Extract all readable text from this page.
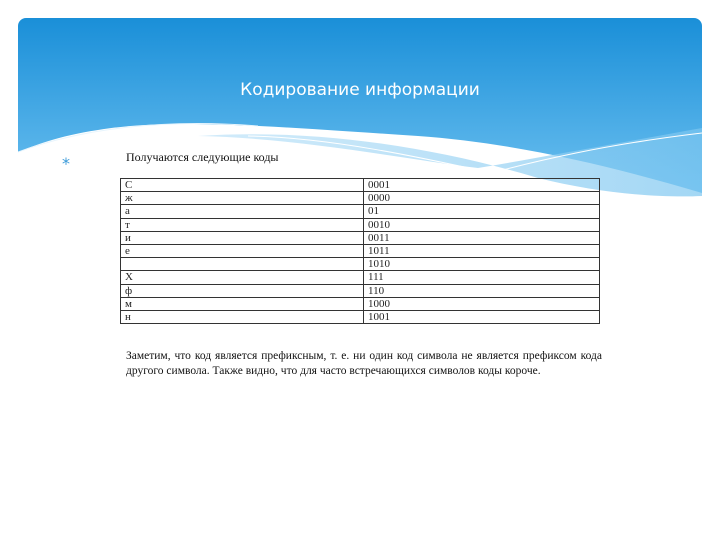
Кодирование информации
*	Получаются следующие коды
С	0001
ж	0000
а	01
т	0010
и	0011
е	1011
	1010
Х	111
ф	110
м	1000
н	1001
Заметим, что код является префиксным, т. е. ни один код символа не является префиксом кода другого символа. Также видно, что для часто встречающихся символов коды короче.
